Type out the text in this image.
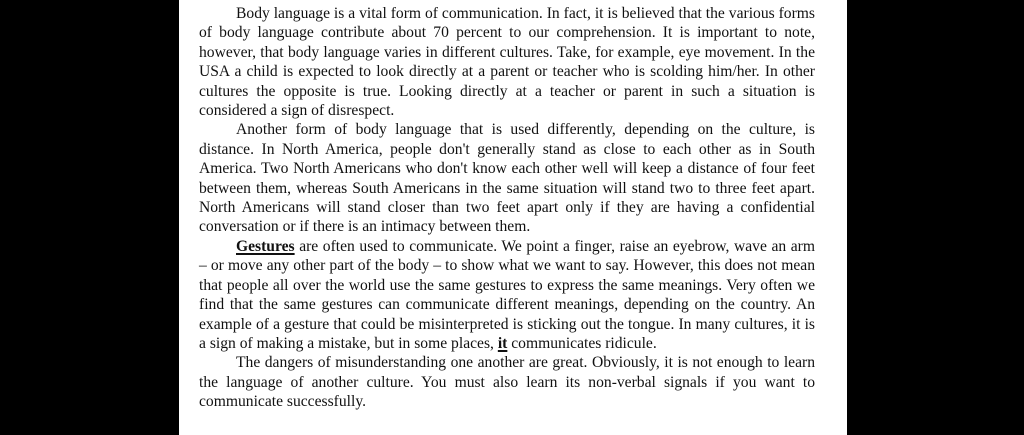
Body language is a vital form of communication. In fact, it is believed that the various forms of body language contribute about 70 percent to our comprehension. It is important to note, however, that body language varies in different cultures. Take, for example, eye movement. In the USA a child is expected to look directly at a parent or teacher who is scolding him/her. In other cultures the opposite is true. Looking directly at a teacher or parent in such a situation is considered a sign of disrespect.

Another form of body language that is used differently, depending on the culture, is distance. In North America, people don't generally stand as close to each other as in South America. Two North Americans who don't know each other well will keep a distance of four feet between them, whereas South Americans in the same situation will stand two to three feet apart. North Americans will stand closer than two feet apart only if they are having a confidential conversation or if there is an intimacy between them.

Gestures are often used to communicate. We point a finger, raise an eyebrow, wave an arm – or move any other part of the body – to show what we want to say. However, this does not mean that people all over the world use the same gestures to express the same meanings. Very often we find that the same gestures can communicate different meanings, depending on the country. An example of a gesture that could be misinterpreted is sticking out the tongue. In many cultures, it is a sign of making a mistake, but in some places, it communicates ridicule.

The dangers of misunderstanding one another are great. Obviously, it is not enough to learn the language of another culture. You must also learn its non-verbal signals if you want to communicate successfully.
